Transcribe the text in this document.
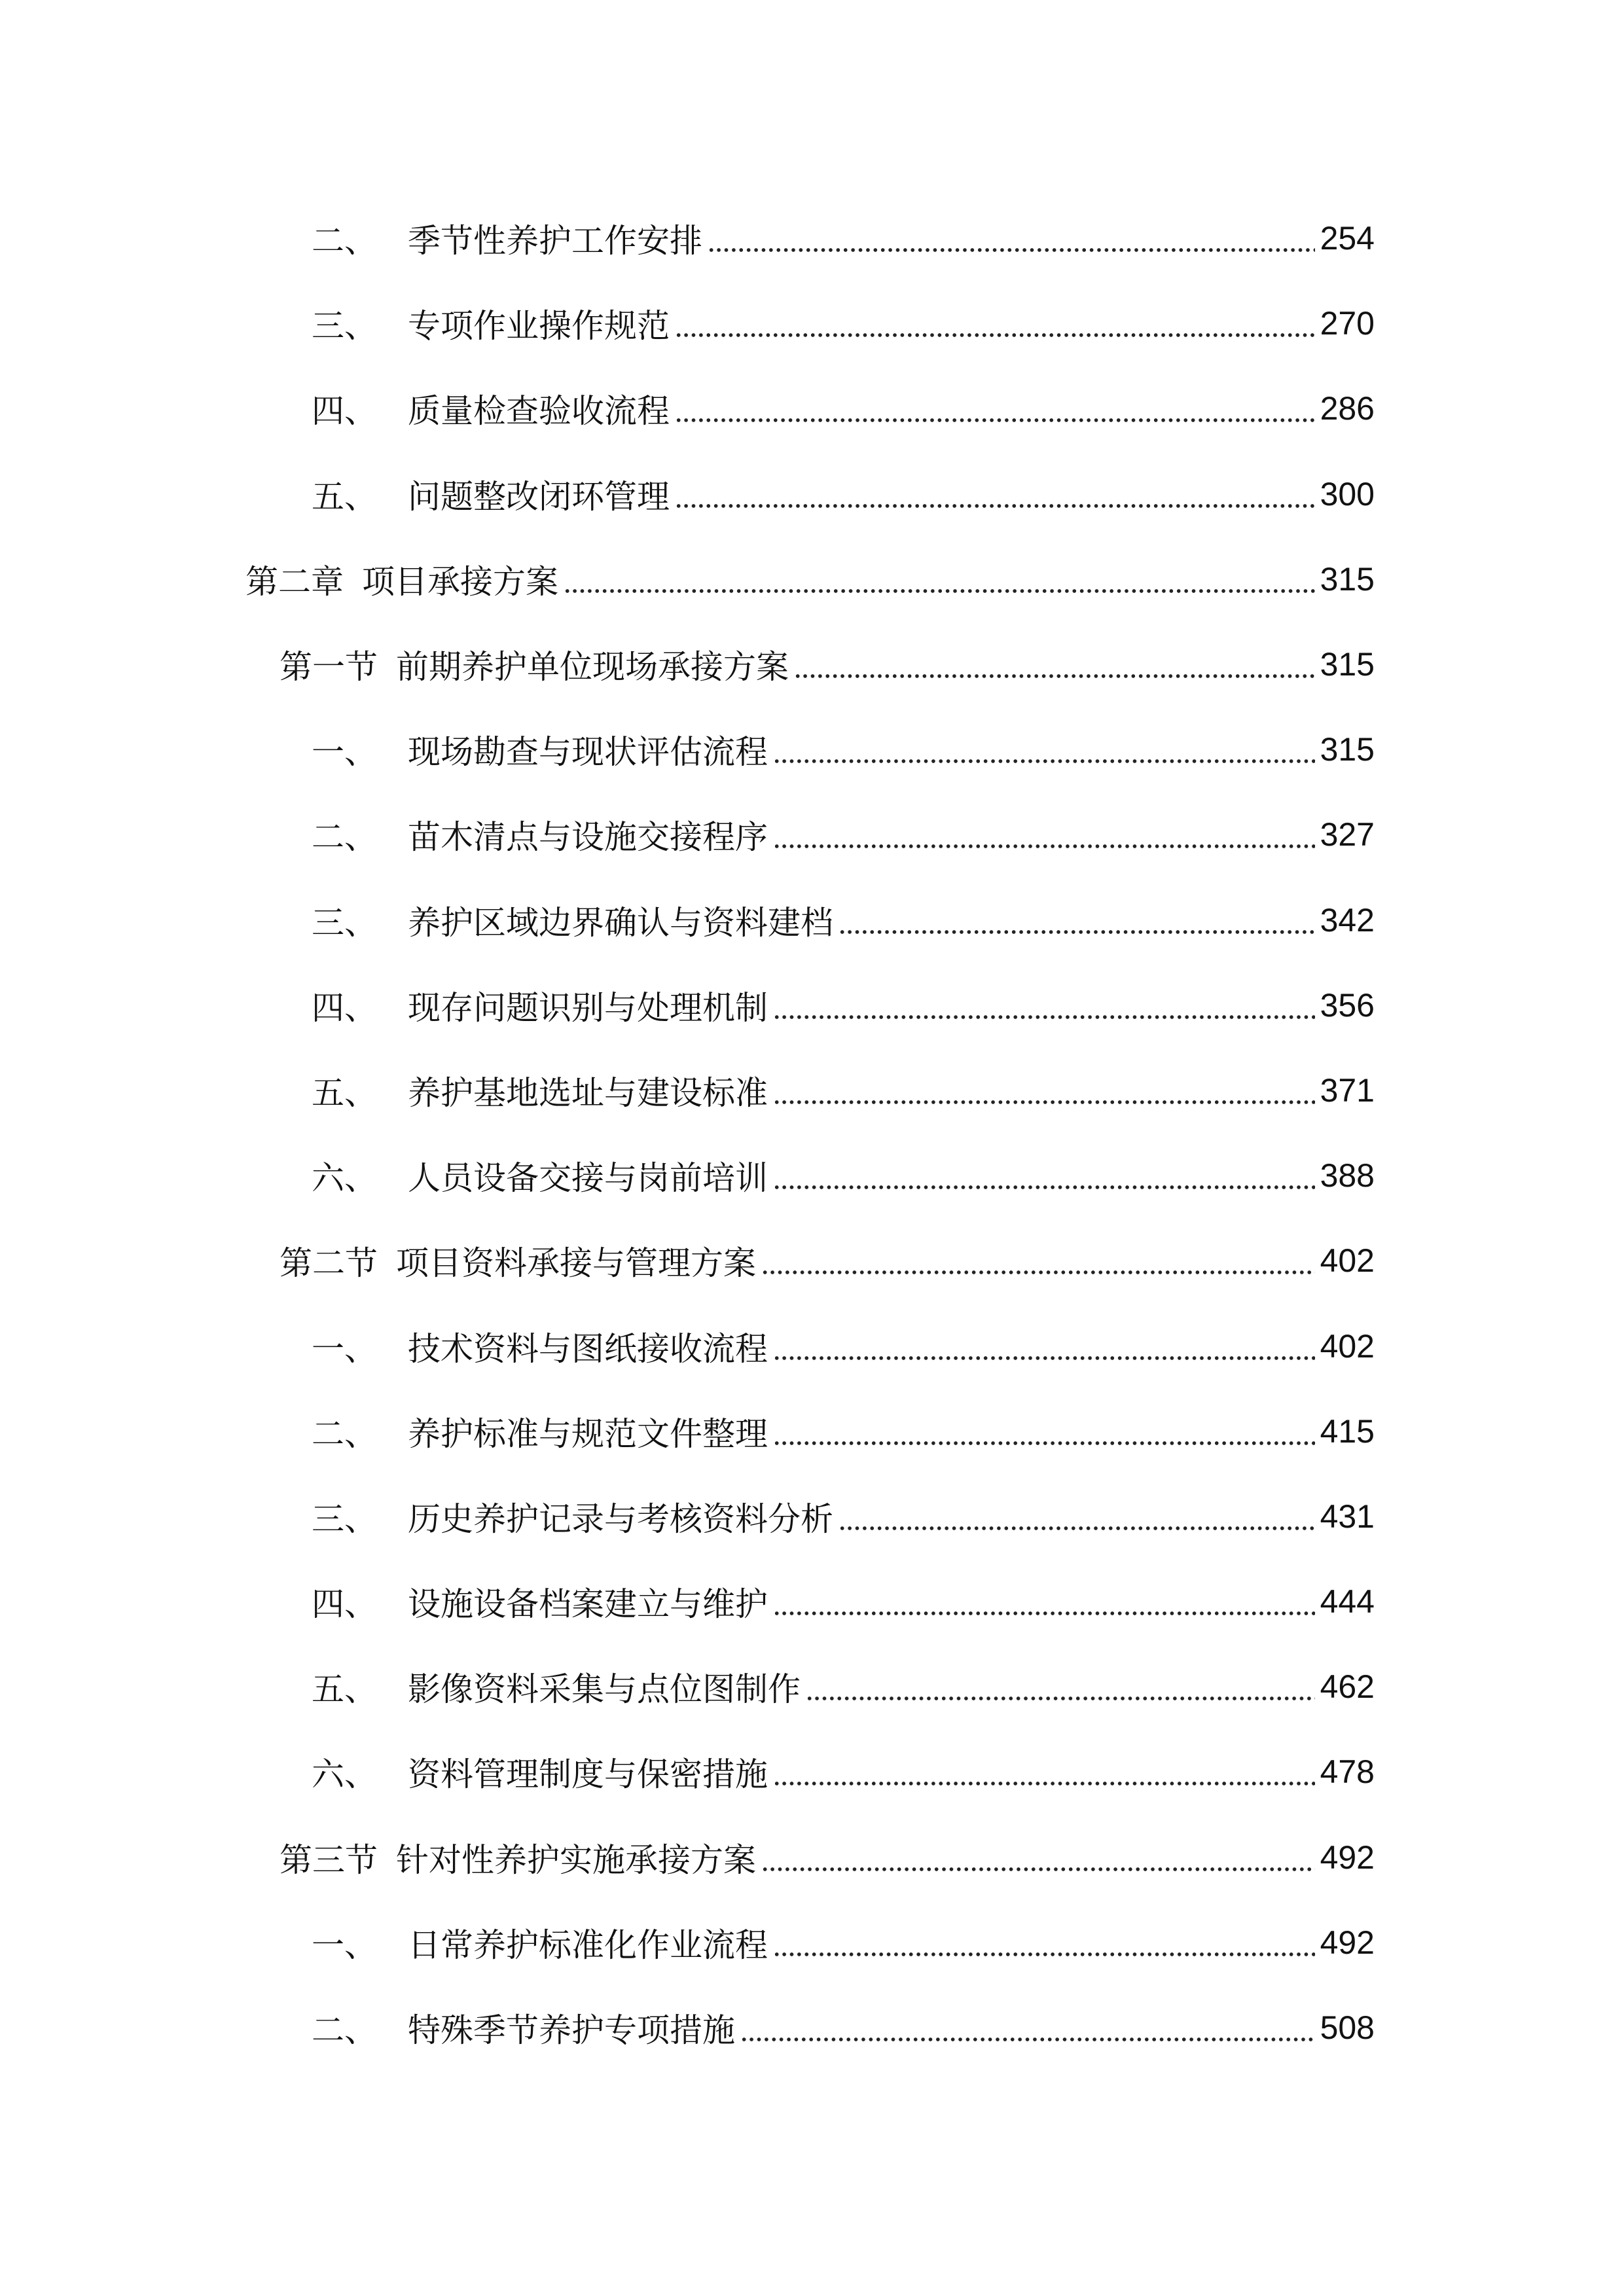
二、 季节性养护工作安排	254
三、 专项作业操作规范	270
四、 质量检查验收流程	286
五、 问题整改闭环管理	300
第二章 项目承接方案	315
第一节 前期养护单位现场承接方案	315
一、 现场勘查与现状评估流程	315
二、 苗木清点与设施交接程序	327
三、 养护区域边界确认与资料建档	342
四、 现存问题识别与处理机制	356
五、 养护基地选址与建设标准	371
六、 人员设备交接与岗前培训	388
第二节 项目资料承接与管理方案	402
一、 技术资料与图纸接收流程	402
二、 养护标准与规范文件整理	415
三、 历史养护记录与考核资料分析	431
四、 设施设备档案建立与维护	444
五、 影像资料采集与点位图制作	462
六、 资料管理制度与保密措施	478
第三节 针对性养护实施承接方案	492
一、 日常养护标准化作业流程	492
二、 特殊季节养护专项措施	508
